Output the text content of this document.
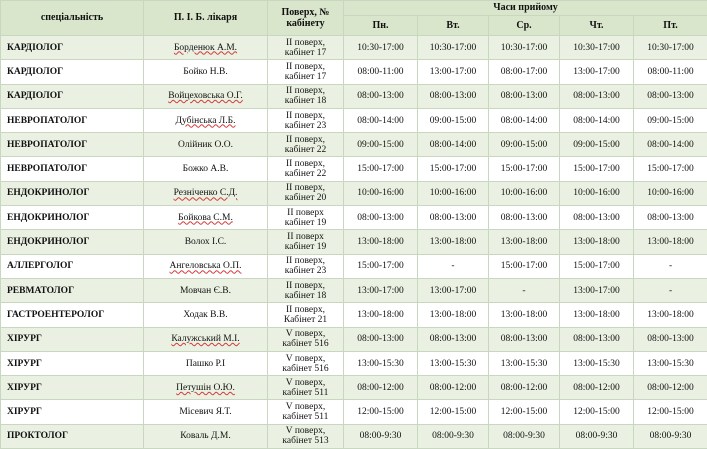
спеціальність	П. І. Б. лікаря	Поверх, № кабінету	Часи прийому				
			Пн.	Вт.	Ср.	Чт.	Пт.
КАРДІОЛОГ	Борденюк А.М.	ІІ поверх,
кабінет 17	10:30-17:00	10:30-17:00	10:30-17:00	10:30-17:00	10:30-17:00
КАРДІОЛОГ	Бойко Н.В.	ІІ поверх,
кабінет 17	08:00-11:00	13:00-17:00	08:00-17:00	13:00-17:00	08:00-11:00
КАРДІОЛОГ	Войцеховська О.Г.	ІІ поверх,
кабінет 18	08:00-13:00	08:00-13:00	08:00-13:00	08:00-13:00	08:00-13:00
НЕВРОПАТОЛОГ	Дубінська Л.Б.	ІІ поверх,
кабінет 23	08:00-14:00	09:00-15:00	08:00-14:00	08:00-14:00	09:00-15:00
НЕВРОПАТОЛОГ	Олійник О.О.	ІІ поверх,
кабінет 22	09:00-15:00	08:00-14:00	09:00-15:00	09:00-15:00	08:00-14:00
НЕВРОПАТОЛОГ	Божко А.В.	ІІ поверх,
кабінет 22	15:00-17:00	15:00-17:00	15:00-17:00	15:00-17:00	15:00-17:00
ЕНДОКРИНОЛОГ	Резніченко С.Д.	ІІ поверх,
кабінет 20	10:00-16:00	10:00-16:00	10:00-16:00	10:00-16:00	10:00-16:00
ЕНДОКРИНОЛОГ	Бойкова С.М.	ІІ поверх
кабінет 19	08:00-13:00	08:00-13:00	08:00-13:00	08:00-13:00	08:00-13:00
ЕНДОКРИНОЛОГ	Волох І.С.	ІІ поверх
кабінет 19	13:00-18:00	13:00-18:00	13:00-18:00	13:00-18:00	13:00-18:00
АЛЛЕРГОЛОГ	Ангеловська О.П.	ІІ поверх,
кабінет 23	15:00-17:00	-	15:00-17:00	15:00-17:00	-
РЕВМАТОЛОГ	Мовчан Є.В.	ІІ поверх,
кабінет 18	13:00-17:00	13:00-17:00	-	13:00-17:00	-
ГАСТРОЕНТЕРОЛОГ	Ходак В.В.	ІІ поверх,
Кабінет 21	13:00-18:00	13:00-18:00	13:00-18:00	13:00-18:00	13:00-18:00
ХІРУРГ	Калужський М.І.	V поверх,
кабінет 516	08:00-13:00	08:00-13:00	08:00-13:00	08:00-13:00	08:00-13:00
ХІРУРГ	Пашко Р.І	V поверх,
кабінет 516	13:00-15:30	13:00-15:30	13:00-15:30	13:00-15:30	13:00-15:30
ХІРУРГ	Петушін О.Ю.	V поверх,
кабінет 511	08:00-12:00	08:00-12:00	08:00-12:00	08:00-12:00	08:00-12:00
ХІРУРГ	Місевич Я.Т.	V поверх,
кабінет 511	12:00-15:00	12:00-15:00	12:00-15:00	12:00-15:00	12:00-15:00
ПРОКТОЛОГ	Коваль Д.М.	V поверх,
кабінет 513	08:00-9:30	08:00-9:30	08:00-9:30	08:00-9:30	08:00-9:30
